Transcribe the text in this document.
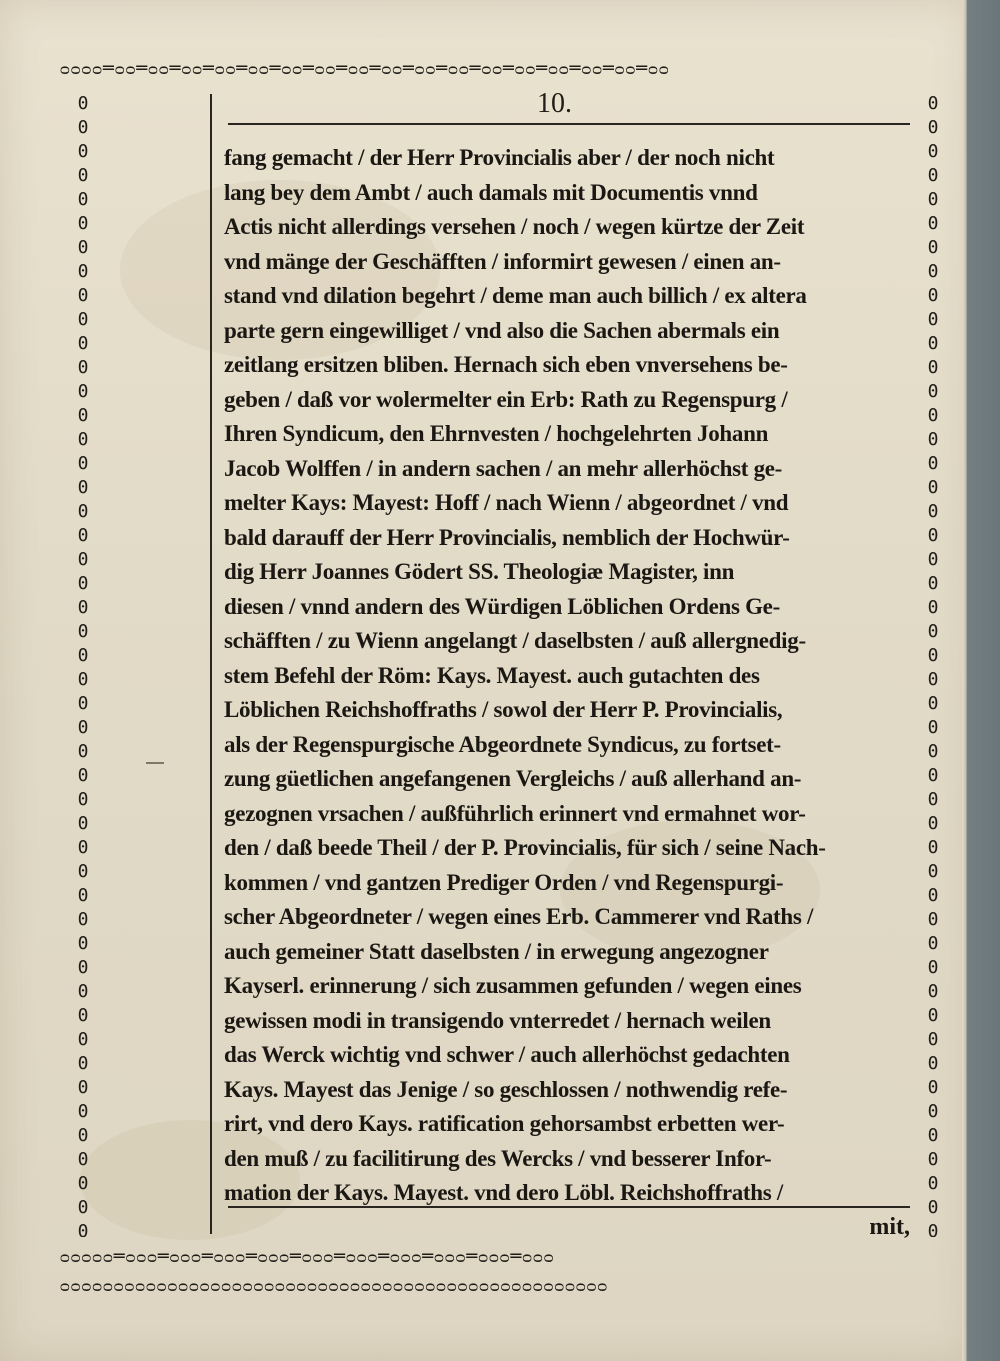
ᴑᴑᴑᴑ═ᴑᴑ═ᴑᴑ═ᴑᴑ═ᴑᴑ═ᴑᴑ═ᴑᴑ═ᴑᴑ═ᴑᴑ═ᴑᴑ═ᴑᴑ═ᴑᴑ═ᴑᴑ═ᴑᴑ═ᴑᴑ═ᴑᴑ═ᴑᴑ═ᴑᴑ
0
0
0
0
0
0
0
0
0
0
0
0
0
0
0
0
0
0
0
0
0
0
0
0
0
0
0
0
0
0
0
0
0
0
0
0
0
0
0
0
0
0
0
0
0
0
0
0
0
0
0
0
0
0
0
0
0
0
0
0
0
0
0
0
0
0
0
0
0
0
0
0
0
0
0
0
0
0
0
0
0
0
0
0
0
0
0
0
0
0
0
0
0
0
0
0
ᴑᴑᴑᴑᴑ═ᴑᴑᴑ═ᴑᴑᴑ═ᴑᴑᴑ═ᴑᴑᴑ═ᴑᴑᴑ═ᴑᴑᴑ═ᴑᴑᴑ═ᴑᴑᴑ═ᴑᴑᴑ═ᴑᴑᴑ
ᴑᴑᴑᴑᴑᴑᴑᴑᴑᴑᴑᴑᴑᴑᴑᴑᴑᴑᴑᴑᴑᴑᴑᴑᴑᴑᴑᴑᴑᴑᴑᴑᴑᴑᴑᴑᴑᴑᴑᴑᴑᴑᴑᴑᴑᴑᴑᴑᴑᴑᴑ
10.
fang gemacht / der Herr Provincialis aber / der noch nicht
lang bey dem Ambt / auch damals mit Documentis vnnd
Actis nicht allerdings versehen / noch / wegen kürtze der Zeit
vnd mänge der Geschäfften / informirt gewesen / einen an-
stand vnd dilation begehrt / deme man auch billich / ex altera
parte gern eingewilliget / vnd also die Sachen abermals ein
zeitlang ersitzen bliben. Hernach sich eben vnversehens be-
geben / daß vor wolermelter ein Erb: Rath zu Regenspurg /
Ihren Syndicum, den Ehrnvesten / hochgelehrten Johann
Jacob Wolffen / in andern sachen / an mehr allerhöchst ge-
melter Kays: Mayest: Hoff / nach Wienn / abgeordnet / vnd
bald darauff der Herr Provincialis, nemblich der Hochwür-
dig Herr Joannes Gödert SS. Theologiæ Magister, inn
diesen / vnnd andern des Würdigen Löblichen Ordens Ge-
schäfften / zu Wienn angelangt / daselbsten / auß allergnedig-
stem Befehl der Röm: Kays. Mayest. auch gutachten des
Löblichen Reichshoffraths / sowol der Herr P. Provincialis,
als der Regenspurgische Abgeordnete Syndicus, zu fortset-
zung güetlichen angefangenen Vergleichs / auß allerhand an-
gezognen vrsachen / außführlich erinnert vnd ermahnet wor-
den / daß beede Theil / der P. Provincialis, für sich / seine Nach-
kommen / vnd gantzen Prediger Orden / vnd Regenspurgi-
scher Abgeordneter / wegen eines Erb. Cammerer vnd Raths /
auch gemeiner Statt daselbsten / in erwegung angezogner
Kayserl. erinnerung / sich zusammen gefunden / wegen eines
gewissen modi in transigendo vnterredet / hernach weilen
das Werck wichtig vnd schwer / auch allerhöchst gedachten
Kays. Mayest das Jenige / so geschlossen / nothwendig refe-
rirt, vnd dero Kays. ratification gehorsambst erbetten wer-
den muß / zu facilitirung des Wercks / vnd besserer Infor-
mation der Kays. Mayest. vnd dero Löbl. Reichshoffraths /
mit,
